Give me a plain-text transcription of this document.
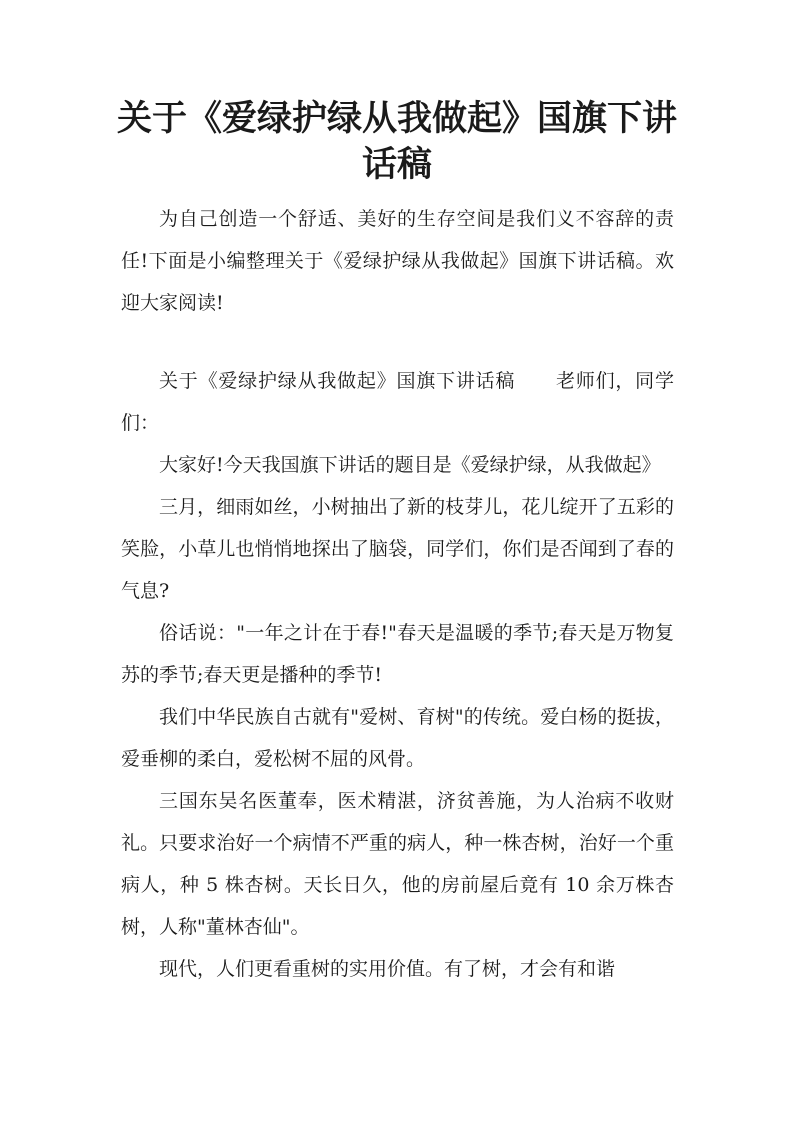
关于《爱绿护绿从我做起》国旗下讲话稿

为自己创造一个舒适、美好的生存空间是我们义不容辞的责任!下面是小编整理关于《爱绿护绿从我做起》国旗下讲话稿。欢迎大家阅读!

关于《爱绿护绿从我做起》国旗下讲话稿 老师们，同学们：

大家好!今天我国旗下讲话的题目是《爱绿护绿，从我做起》

三月，细雨如丝，小树抽出了新的枝芽儿，花儿绽开了五彩的笑脸，小草儿也悄悄地探出了脑袋，同学们，你们是否闻到了春的气息?

俗话说："一年之计在于春!"春天是温暖的季节;春天是万物复苏的季节;春天更是播种的季节!

我们中华民族自古就有"爱树、育树"的传统。爱白杨的挺拔，爱垂柳的柔白，爱松树不屈的风骨。

三国东吴名医董奉，医术精湛，济贫善施，为人治病不收财礼。只要求治好一个病情不严重的病人，种一株杏树，治好一个重病人，种 5 株杏树。天长日久，他的房前屋后竟有 10 余万株杏树，人称"董林杏仙"。

现代，人们更看重树的实用价值。有了树，才会有和谐
